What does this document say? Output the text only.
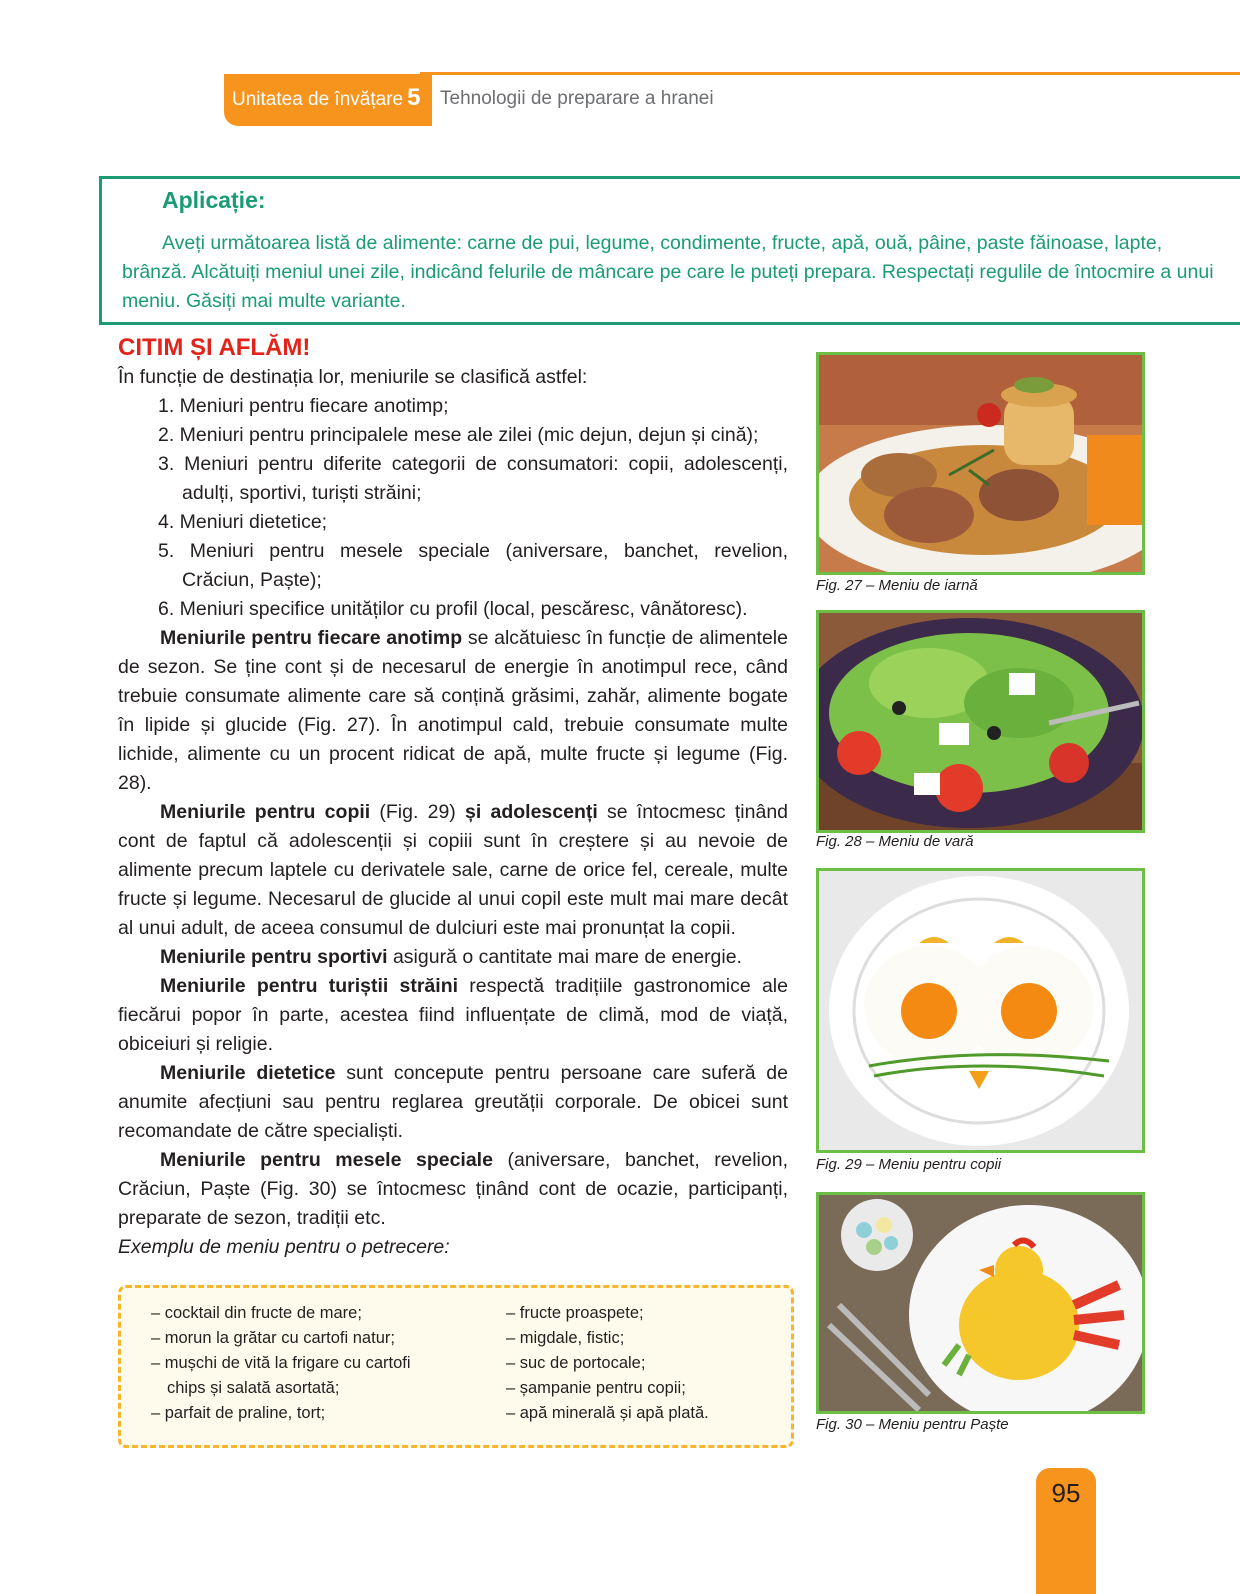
Unitatea de învățare 5	Tehnologii de preparare a hranei
Aplicație:

Aveți următoarea listă de alimente: carne de pui, legume, condimente, fructe, apă, ouă, pâine, paste făinoase, lapte, brânză. Alcătuiți meniul unei zile, indicând felurile de mâncare pe care le puteți prepara. Respectați regulile de întocmire a unui meniu. Găsiți mai multe variante.

CITIM ȘI AFLĂM!

În funcție de destinația lor, meniurile se clasifică astfel:

1. Meniuri pentru fiecare anotimp;
2. Meniuri pentru principalele mese ale zilei (mic dejun, dejun și cină);
3. Meniuri pentru diferite categorii de consumatori: copii, adolescenți, adulți, sportivi, turiști străini;
4. Meniuri dietetice;
5. Meniuri pentru mesele speciale (aniversare, banchet, revelion, Crăciun, Paște);
6. Meniuri specifice unităților cu profil (local, pescăresc, vânătoresc).

Meniurile pentru fiecare anotimp se alcătuiesc în funcție de alimentele de sezon. Se ține cont și de necesarul de energie în anotimpul rece, când trebuie consumate alimente care să conțină grăsimi, zahăr, alimente bogate în lipide și glucide (Fig. 27). În anotimpul cald, trebuie consumate multe lichide, alimente cu un procent ridicat de apă, multe fructe și legume (Fig. 28).

Meniurile pentru copii (Fig. 29) și adolescenți se întocmesc ținând cont de faptul că adolescenții și copiii sunt în creștere și au nevoie de alimente precum laptele cu derivatele sale, carne de orice fel, cereale, multe fructe și legume. Necesarul de glucide al unui copil este mult mai mare decât al unui adult, de aceea consumul de dulciuri este mai pronunțat la copii.

Meniurile pentru sportivi asigură o cantitate mai mare de energie.

Meniurile pentru turiștii străini respectă tradițiile gastronomice ale fiecărui popor în parte, acestea fiind influențate de climă, mod de viață, obiceiuri și religie.

Meniurile dietetice sunt concepute pentru persoane care suferă de anumite afecțiuni sau pentru reglarea greutății corporale. De obicei sunt recomandate de către specialiști.

Meniurile pentru mesele speciale (aniversare, banchet, revelion, Crăciun, Paște (Fig. 30) se întocmesc ținând cont de ocazie, participanți, preparate de sezon, tradiții etc.

Exemplu de meniu pentru o petrecere:

– cocktail din fructe de mare;
– morun la grătar cu cartofi natur;
– mușchi de vită la frigare cu cartofi
chips și salată asortată;
– parfait de praline, tort;
– fructe proaspete;
– migdale, fistic;
– suc de portocale;
– șampanie pentru copii;
– apă minerală și apă plată.
Fig. 27 – Meniu de iarnă
Fig. 28 – Meniu de vară
Fig. 29 – Meniu pentru copii
Fig. 30 – Meniu pentru Paște
95
